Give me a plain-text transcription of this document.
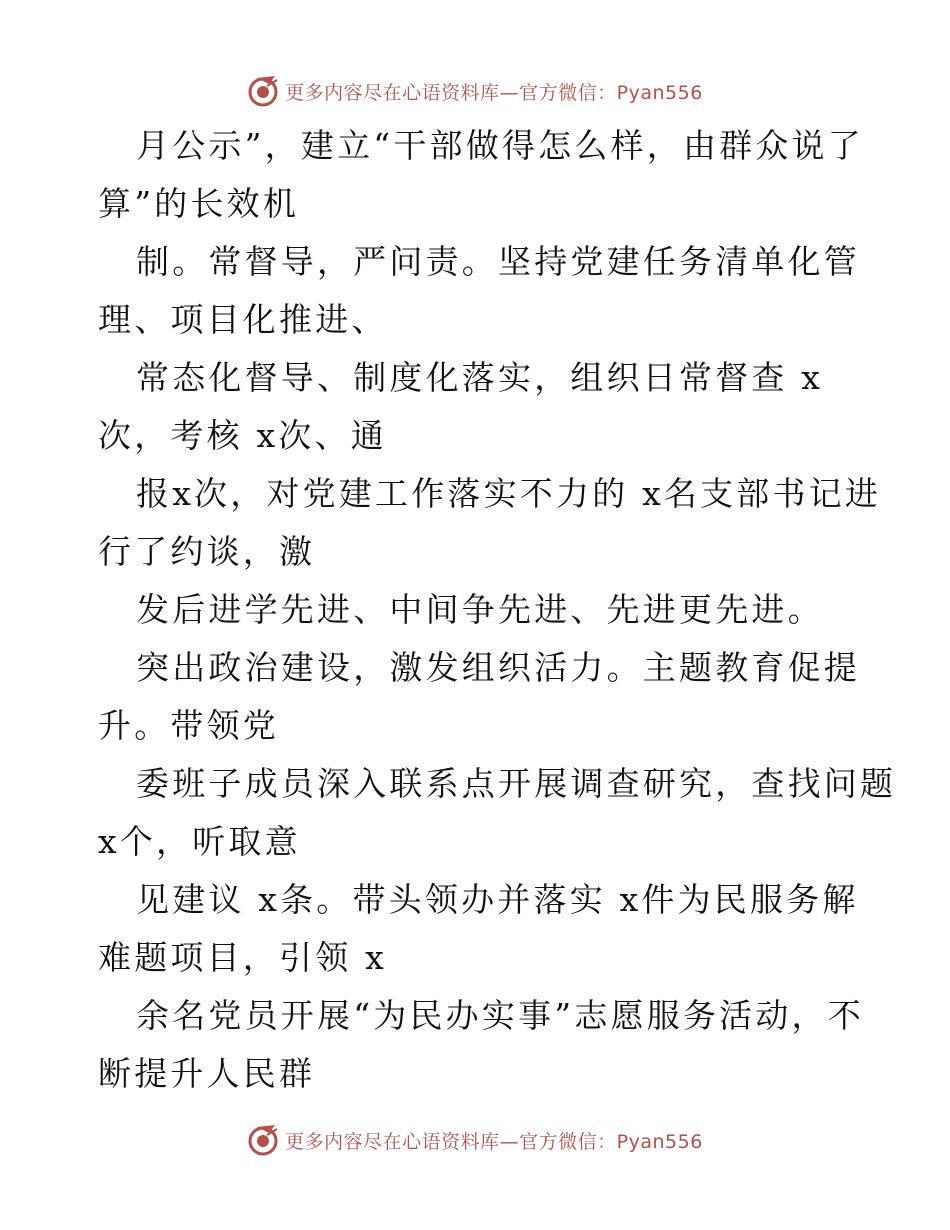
更多内容尽在心语资料库—官方微信：Pyan556
月公示”，建立“干部做得怎么样，由群众说了
算”的长效机
制。常督导，严问责。坚持党建任务清单化管
理、项目化推进、
常态化督导、制度化落实，组织日常督查 x
次，考核 x次、通
报x次，对党建工作落实不力的 x名支部书记进
行了约谈，激
发后进学先进、中间争先进、先进更先进。
突出政治建设，激发组织活力。主题教育促提
升。带领党
委班子成员深入联系点开展调查研究，查找问题
x个，听取意
见建议 x条。带头领办并落实 x件为民服务解
难题项目，引领 x
余名党员开展“为民办实事”志愿服务活动，不
断提升人民群
更多内容尽在心语资料库—官方微信：Pyan556
